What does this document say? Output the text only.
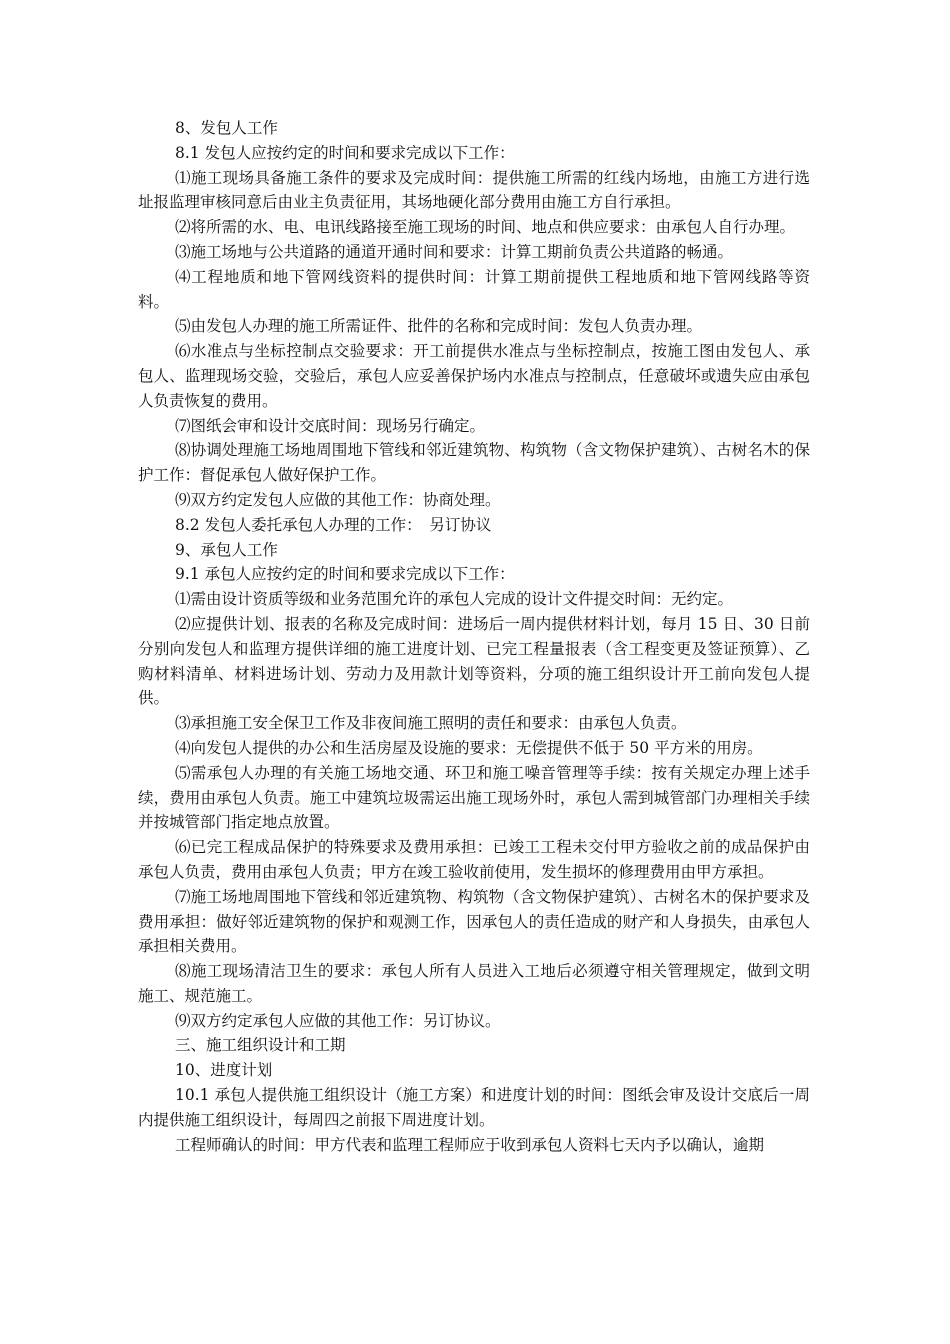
8、发包人工作

8.1 发包人应按约定的时间和要求完成以下工作：

⑴施工现场具备施工条件的要求及完成时间：提供施工所需的红线内场地，由施工方进行选址报监理审核同意后由业主负责征用，其场地硬化部分费用由施工方自行承担。

⑵将所需的水、电、电讯线路接至施工现场的时间、地点和供应要求：由承包人自行办理。

⑶施工场地与公共道路的通道开通时间和要求：计算工期前负责公共道路的畅通。

⑷工程地质和地下管网线资料的提供时间：计算工期前提供工程地质和地下管网线路等资料。

⑸由发包人办理的施工所需证件、批件的名称和完成时间：发包人负责办理。

⑹水准点与坐标控制点交验要求：开工前提供水准点与坐标控制点，按施工图由发包人、承包人、监理现场交验，交验后，承包人应妥善保护场内水准点与控制点，任意破坏或遗失应由承包人负责恢复的费用。

⑺图纸会审和设计交底时间：现场另行确定。

⑻协调处理施工场地周围地下管线和邻近建筑物、构筑物（含文物保护建筑）、古树名木的保护工作：督促承包人做好保护工作。

⑼双方约定发包人应做的其他工作：协商处理。

8.2 发包人委托承包人办理的工作：　另订协议

9、承包人工作

9.1 承包人应按约定的时间和要求完成以下工作：

⑴需由设计资质等级和业务范围允许的承包人完成的设计文件提交时间：无约定。

⑵应提供计划、报表的名称及完成时间：进场后一周内提供材料计划，每月 15 日、30 日前分别向发包人和监理方提供详细的施工进度计划、已完工程量报表（含工程变更及签证预算）、乙购材料清单、材料进场计划、劳动力及用款计划等资料，分项的施工组织设计开工前向发包人提供。

⑶承担施工安全保卫工作及非夜间施工照明的责任和要求：由承包人负责。

⑷向发包人提供的办公和生活房屋及设施的要求：无偿提供不低于 50 平方米的用房。

⑸需承包人办理的有关施工场地交通、环卫和施工噪音管理等手续：按有关规定办理上述手续，费用由承包人负责。施工中建筑垃圾需运出施工现场外时，承包人需到城管部门办理相关手续并按城管部门指定地点放置。

⑹已完工程成品保护的特殊要求及费用承担：已竣工工程未交付甲方验收之前的成品保护由承包人负责，费用由承包人负责；甲方在竣工验收前使用，发生损坏的修理费用由甲方承担。

⑺施工场地周围地下管线和邻近建筑物、构筑物（含文物保护建筑）、古树名木的保护要求及费用承担：做好邻近建筑物的保护和观测工作，因承包人的责任造成的财产和人身损失，由承包人承担相关费用。

⑻施工现场清洁卫生的要求：承包人所有人员进入工地后必须遵守相关管理规定，做到文明施工、规范施工。

⑼双方约定承包人应做的其他工作：另订协议。

三、施工组织设计和工期

10、进度计划

10.1 承包人提供施工组织设计（施工方案）和进度计划的时间：图纸会审及设计交底后一周内提供施工组织设计，每周四之前报下周进度计划。

工程师确认的时间：甲方代表和监理工程师应于收到承包人资料七天内予以确认，逾期
